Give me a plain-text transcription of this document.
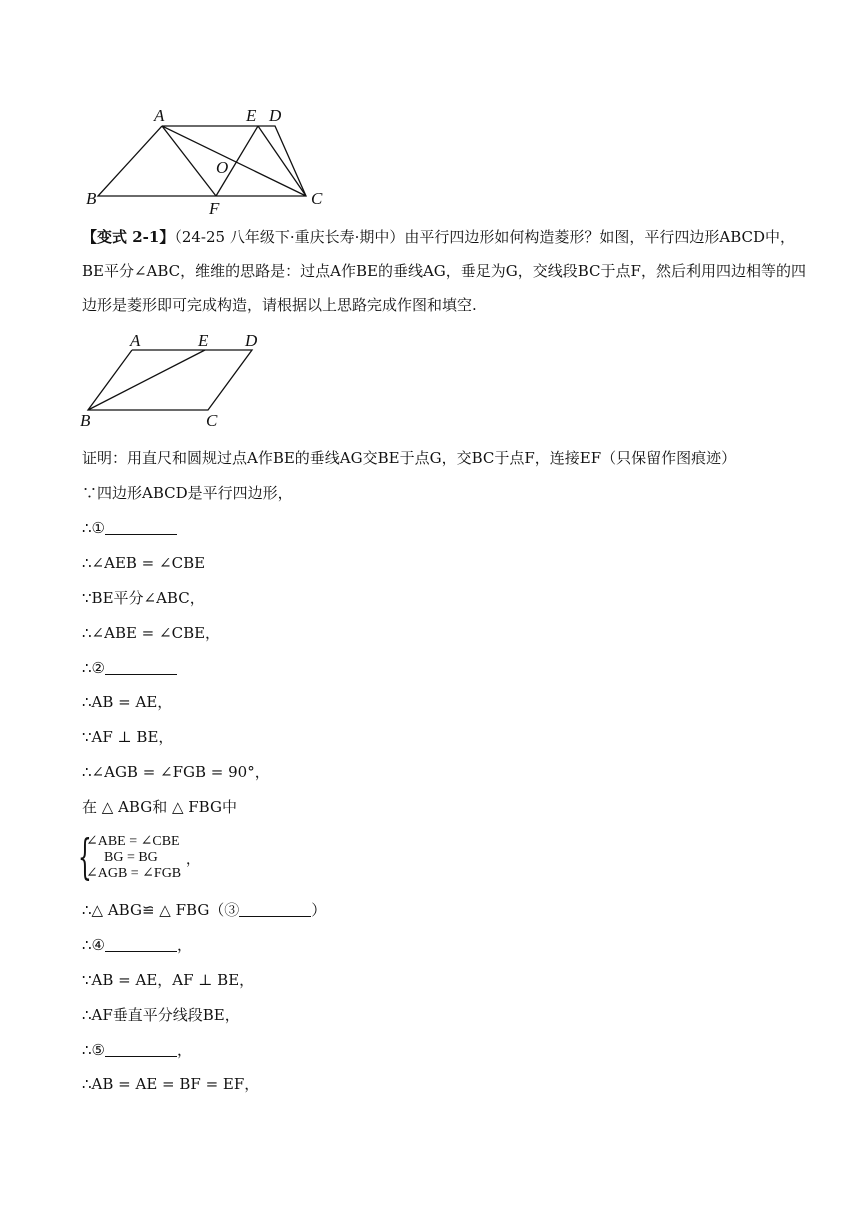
A	E D
O
B
F
C
【变式 2-1】（24-25 八年级下·重庆长寿·期中）由平行四边形如何构造菱形？如图，平行四边形ABCD中，BE平分∠ABC，维维的思路是：过点A作BE的垂线AG，垂足为G，交线段BC于点F，然后利用四边相等的四边形是菱形即可完成构造，请根据以上思路完成作图和填空.
A	E D
B	C
证明：用直尺和圆规过点A作BE的垂线AG交BE于点G，交BC于点F，连接EF（只保留作图痕迹）
∵四边形ABCD是平行四边形，
∴①
∴∠AEB = ∠CBE
∵BE平分∠ABC，
∴∠ABE = ∠CBE，
∴②
∴AB = AE，
∵AF ⊥ BE，
∴∠AGB = ∠FGB = 90°，
在 △ ABG和 △ FBG中
{
∠ABE = ∠CBE
BG = BG
∠AGB = ∠FGB
，
∴△ ABG≌ △ FBG（③	）
∴④	，
∵AB = AE，AF ⊥ BE，
∴AF垂直平分线段BE，
∴⑤	，
∴AB = AE = BF = EF，
